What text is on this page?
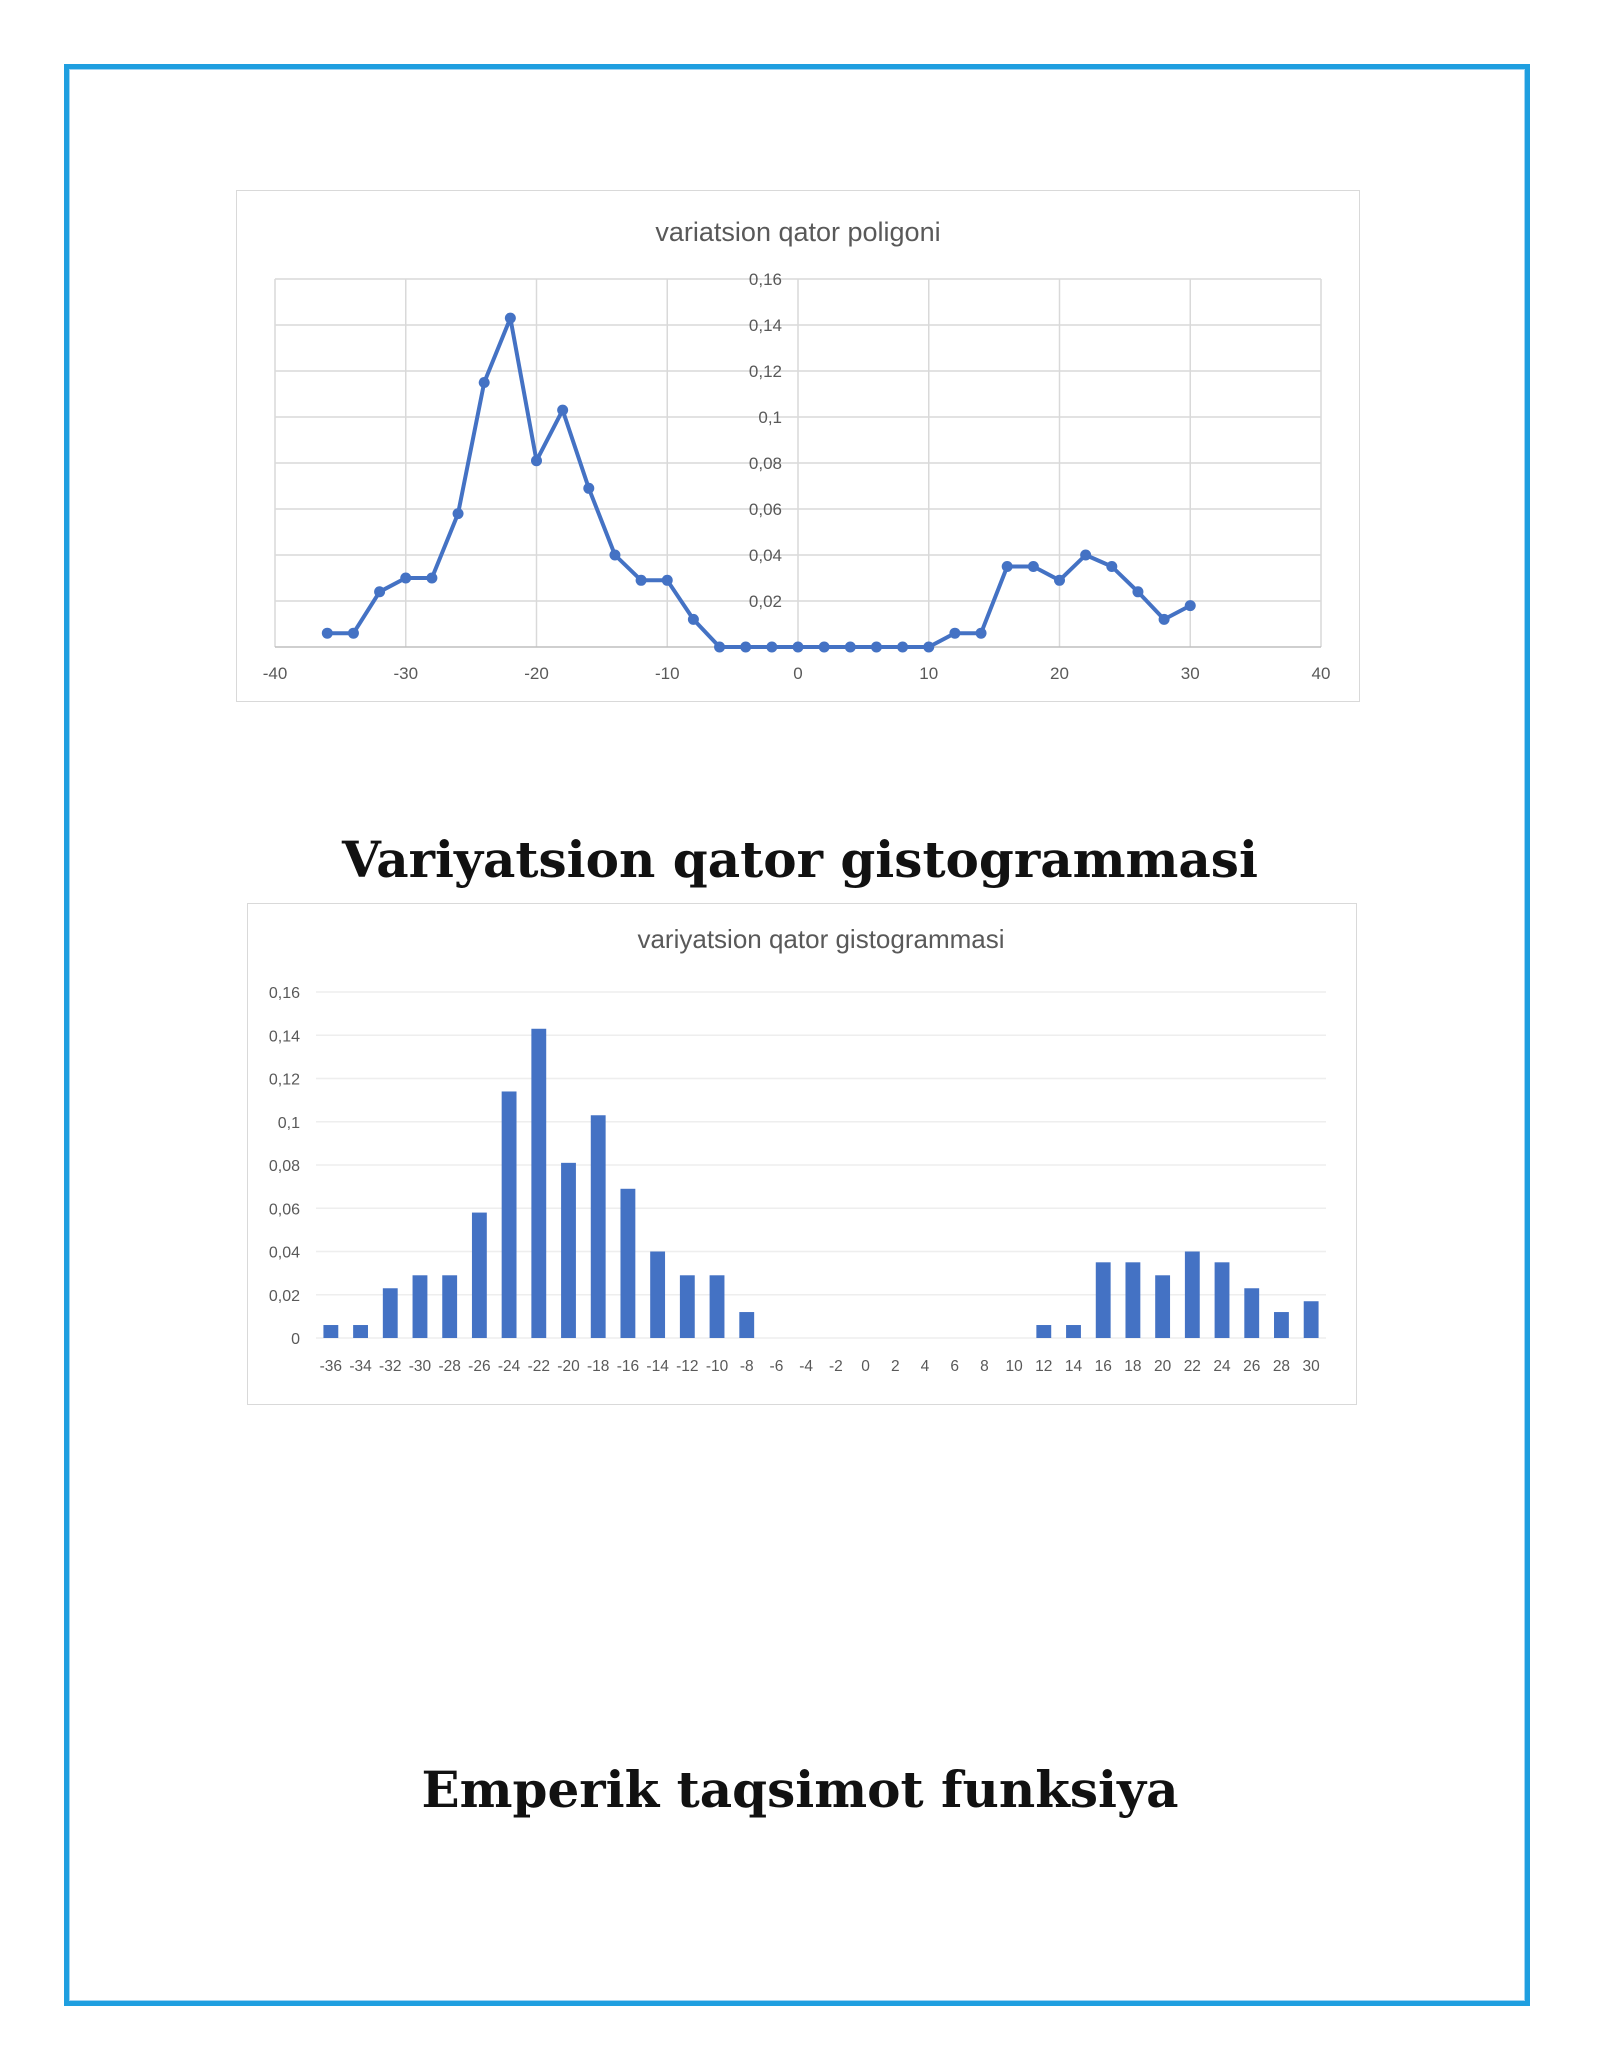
variatsion qator poligoni
-40	-30	-20	-10	0	10	20	30	40
0,02
0,04
0,06
0,08
0,1
0,12
0,14
0,16
Variyatsion qator gistogrammasi
variyatsion qator gistogrammasi
0
0,02
0,04
0,06
0,08
0,1
0,12
0,14
0,16
-36 -34 -32 -30 -28 -26 -24 -22 -20 -18 -16 -14 -12 -10 -8 -6 -4 -2 0 2 4 6 8 10 12 14 16 18 20 22 24 26 28 30
Emperik taqsimot funksiya
